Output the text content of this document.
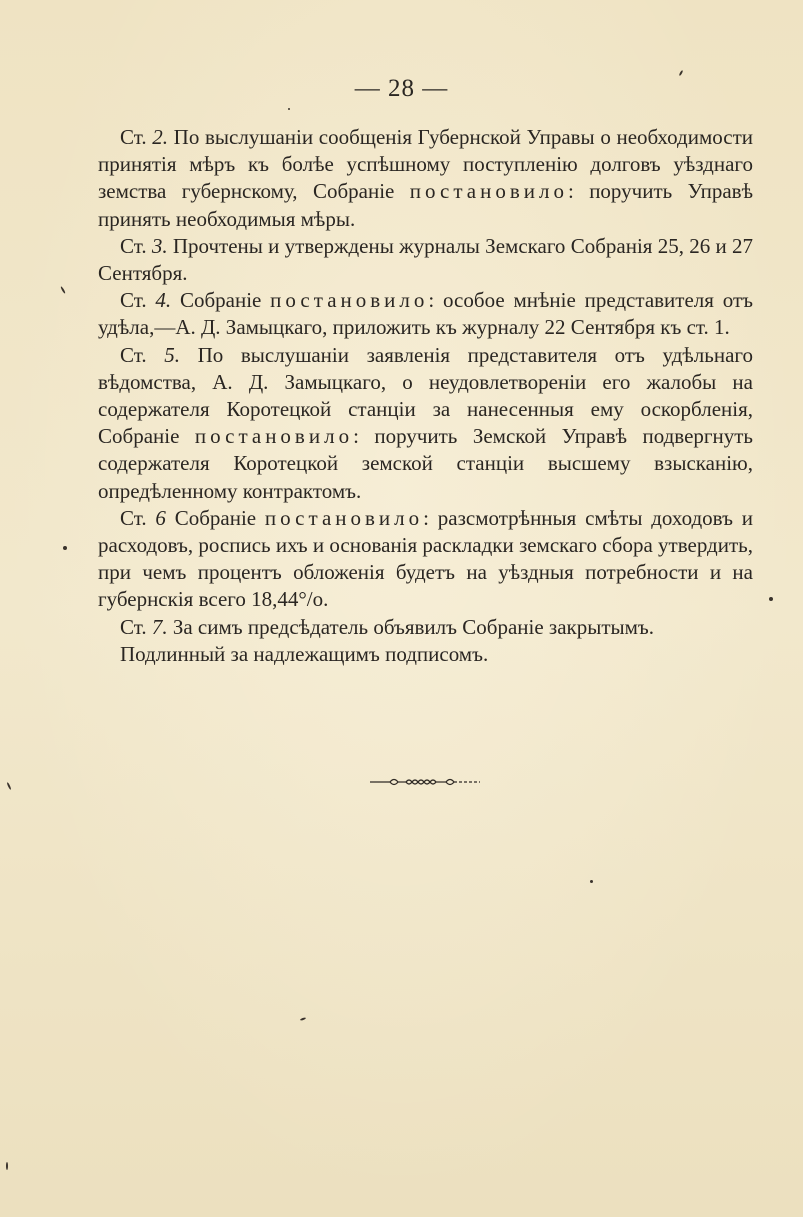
— 28 —

Ст. 2. По выслушаніи сообщенія Губернской Управы о необходимости принятія мѣръ къ болѣе успѣшному поступленію долговъ уѣзднаго земства губернскому, Собраніе постановило: поручить Управѣ принять необходимыя мѣры.

Ст. 3. Прочтены и утверждены журналы Земскаго Собранія 25, 26 и 27 Сентября.

Ст. 4. Собраніе постановило: особое мнѣніе представителя отъ удѣла,—А. Д. Замыцкаго, приложить къ журналу 22 Сентября къ ст. 1.

Ст. 5. По выслушаніи заявленія представителя отъ удѣльнаго вѣдомства, А. Д. Замыцкаго, о неудовлетвореніи его жалобы на содержателя Коротецкой станціи за нанесенныя ему оскорбленія, Собраніе постановило: поручить Земской Управѣ подвергнуть содержателя Коротецкой земской станціи высшему взысканію, опредѣленному контрактомъ.

Ст. 6 Собраніе постановило: разсмотрѣнныя смѣты доходовъ и расходовъ, роспись ихъ и основанія раскладки земскаго сбора утвердить, при чемъ процентъ обложенія будетъ на уѣздныя потребности и на губернскія всего 18,44°/о.

Ст. 7. За симъ предсѣдатель объявилъ Собраніе закрытымъ.

Подлинный за надлежащимъ подписомъ.
